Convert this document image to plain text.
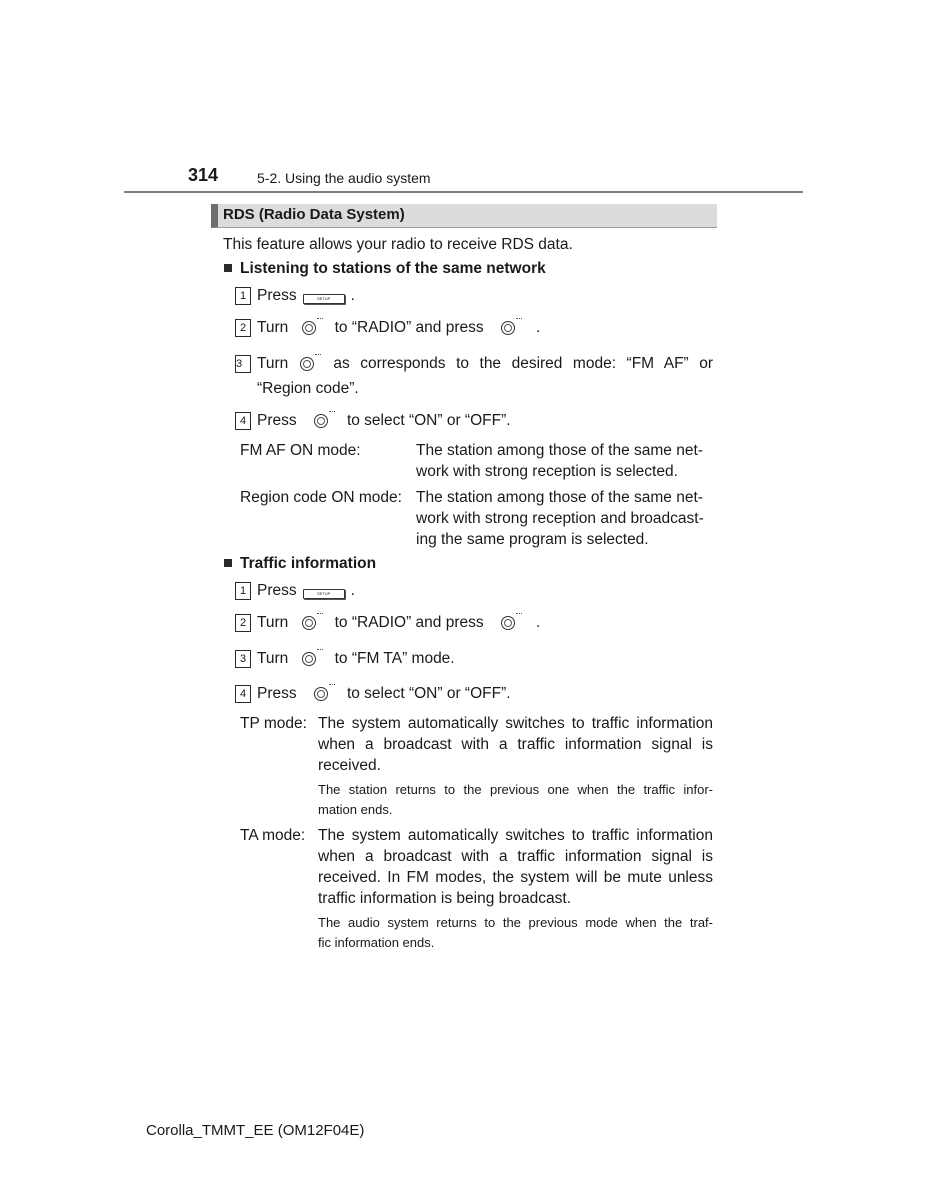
314	5-2. Using the audio system
RDS (Radio Data System)
This feature allows your radio to receive RDS data.
Listening to stations of the same network
1 Press	SETUP .
2 Turn	to “RADIO” and press	.
3 Turn	as corresponds to the desired mode: “FM AF” or
“Region code”.
4 Press	to select “ON” or “OFF”.
FM AF ON mode:	The station among those of the same net-
work with strong reception is selected.
Region code ON mode: The station among those of the same net-
work with strong reception and broadcast-
ing the same program is selected.
Traffic information
1 Press	SETUP .
2 Turn	to “RADIO” and press	.
3 Turn	to “FM TA” mode.
4 Press	to select “ON” or “OFF”.
TP mode: The system automatically switches to traffic information
when a broadcast with a traffic information signal is
received.
The station returns to the previous one when the traffic infor-
mation ends.
TA mode: The system automatically switches to traffic information
when a broadcast with a traffic information signal is
received. In FM modes, the system will be mute unless
traffic information is being broadcast.
The audio system returns to the previous mode when the traf-
fic information ends.
Corolla_TMMT_EE (OM12F04E)
